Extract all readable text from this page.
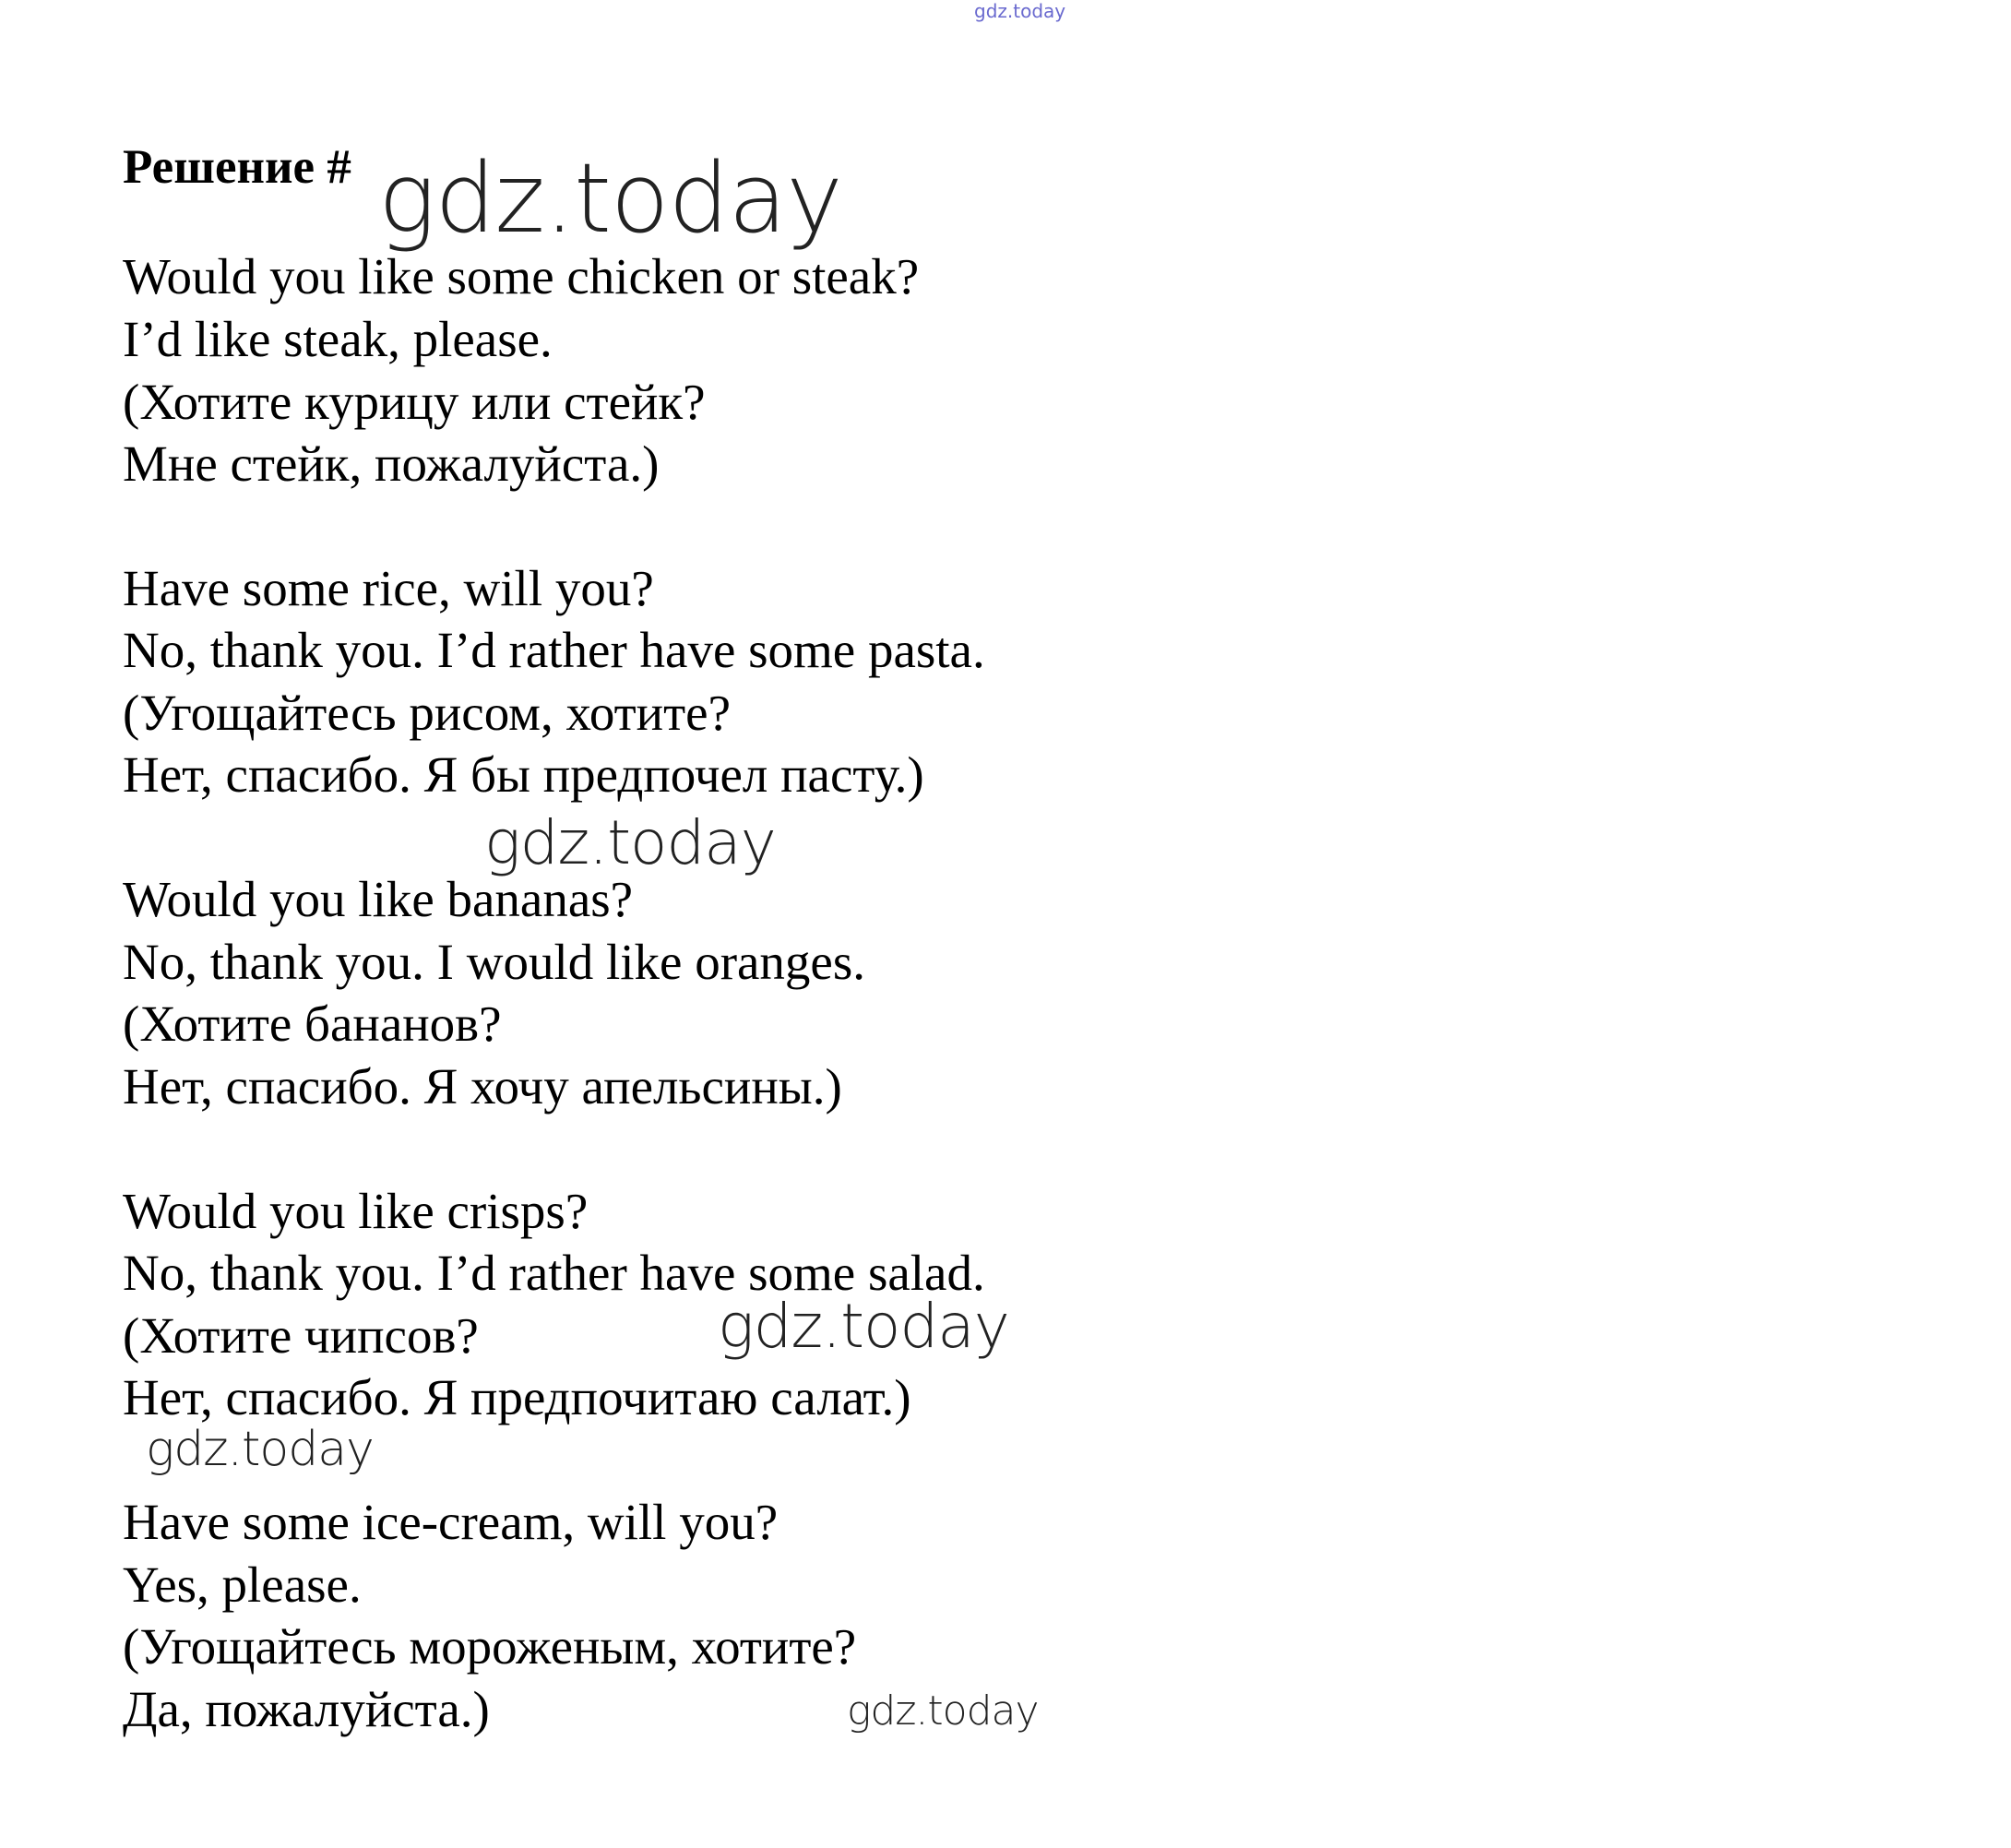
gdz.today
Решение # gdz.today
Would you like some chicken or steak?
I’d like steak, please.
(Хотите курицу или стейк?
Мне стейк, пожалуйста.)
Have some rice, will you?
No, thank you. I’d rather have some pasta.
(Угощайтесь рисом, хотите?
Нет, спасибо. Я бы предпочел пасту.)
gdz.today
Would you like bananas?
No, thank you. I would like oranges.
(Хотите бананов?
Нет, спасибо. Я хочу апельсины.)
Would you like crisps?
No, thank you. I’d rather have some salad.
(Хотите чипсов?	gdz.today
Нет, спасибо. Я предпочитаю салат.)
gdz.today
Have some ice-cream, will you?
Yes, please.
(Угощайтесь мороженым, хотите?
Да, пожалуйста.)	gdz.today
